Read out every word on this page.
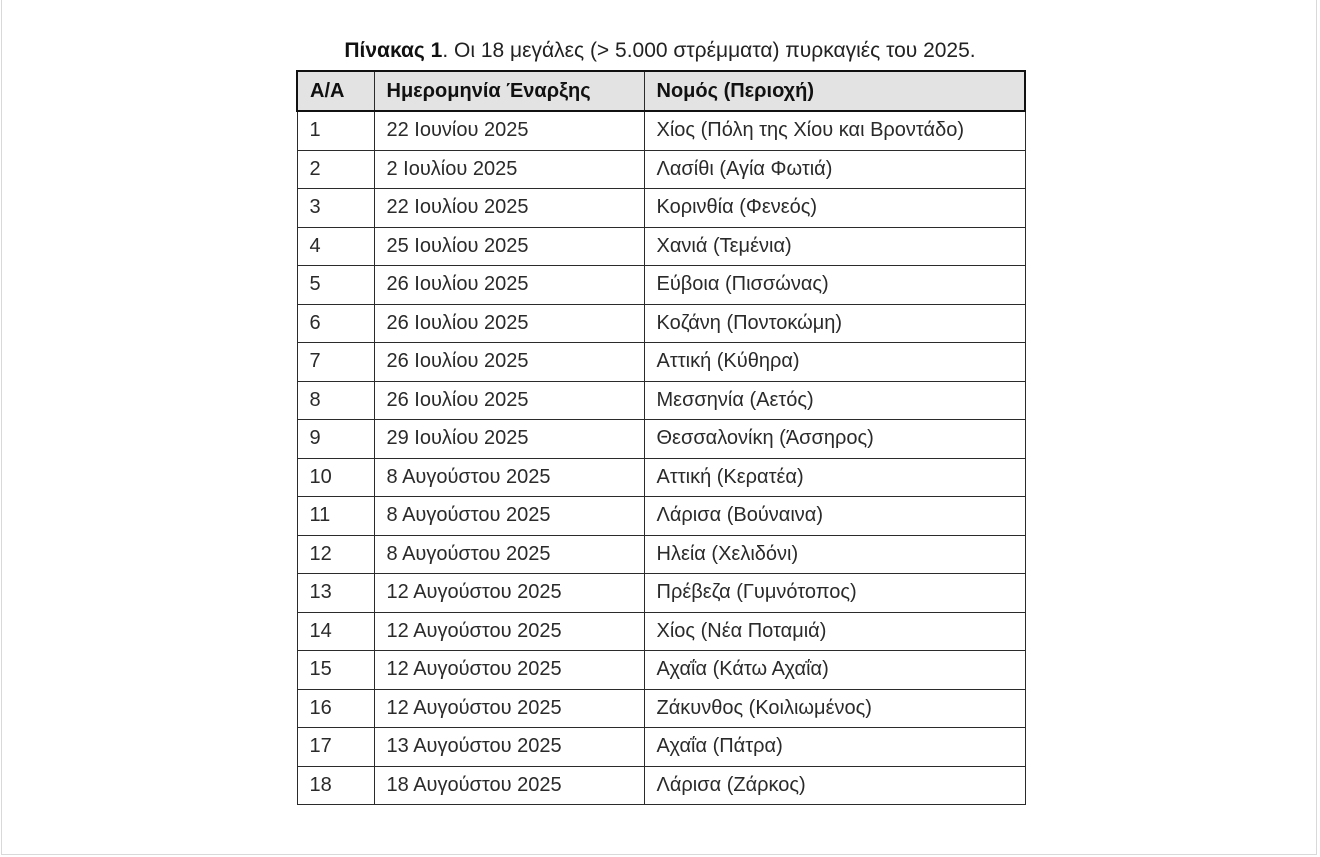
Πίνακας 1. Οι 18 μεγάλες (> 5.000 στρέμματα) πυρκαγιές του 2025.
Α/Α	Ημερομηνία Έναρξης	Νομός (Περιοχή)
1	22 Ιουνίου 2025	Χίος (Πόλη της Χίου και Βροντάδο)
2	2 Ιουλίου 2025	Λασίθι (Αγία Φωτιά)
3	22 Ιουλίου 2025	Κορινθία (Φενεός)
4	25 Ιουλίου 2025	Χανιά (Τεμένια)
5	26 Ιουλίου 2025	Εύβοια (Πισσώνας)
6	26 Ιουλίου 2025	Κοζάνη (Ποντοκώμη)
7	26 Ιουλίου 2025	Αττική (Κύθηρα)
8	26 Ιουλίου 2025	Μεσσηνία (Αετός)
9	29 Ιουλίου 2025	Θεσσαλονίκη (Άσσηρος)
10	8 Αυγούστου 2025	Αττική (Κερατέα)
11	8 Αυγούστου 2025	Λάρισα (Βούναινα)
12	8 Αυγούστου 2025	Ηλεία (Χελιδόνι)
13	12 Αυγούστου 2025	Πρέβεζα (Γυμνότοπος)
14	12 Αυγούστου 2025	Χίος (Νέα Ποταμιά)
15	12 Αυγούστου 2025	Αχαΐα (Κάτω Αχαΐα)
16	12 Αυγούστου 2025	Ζάκυνθος (Κοιλιωμένος)
17	13 Αυγούστου 2025	Αχαΐα (Πάτρα)
18	18 Αυγούστου 2025	Λάρισα (Ζάρκος)
